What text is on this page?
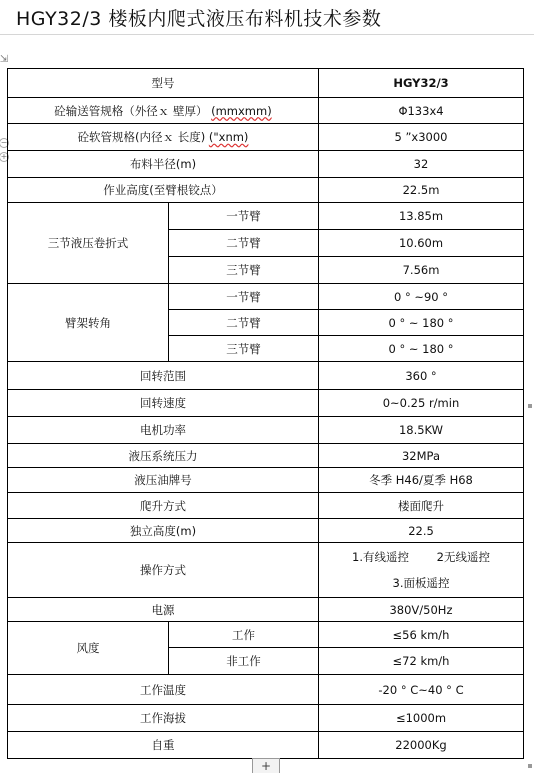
HGY32/3 楼板内爬式液压布料机技术参数
⇲
−
+
型号		HGY32/3
砼输送管规格（外径ｘ 壁厚） (mmxmm)		Φ133x4
砼软管规格(内径ｘ 长度) ("xnm)		5 ”x3000
布料半径(m)		32
作业高度(至臂根铰点）		22.5m
三节液压卷折式	一节臂	13.85m
	二节臂	10.60m
	三节臂	7.56m
臂架转角	一节臂	0 ° ~90 °
	二节臂	0 ° ~ 180 °
	三节臂	0 ° ~ 180 °
回转范围		360 °
回转速度		0~0.25 r/min
电机功率		18.5KW
液压系统压力		32MPa
液压油牌号		冬季 H46/夏季 H68
爬升方式		楼面爬升
独立高度(m)		22.5
操作方式		1.有线遥控 2无线遥控
3.面板遥控

电源		380V/50Hz
风度	工作	≤56 km/h
	非工作	≤72 km/h
工作温度		-20 ° C~40 ° C
工作海拔		≤1000m
自重		22000Kg
+
